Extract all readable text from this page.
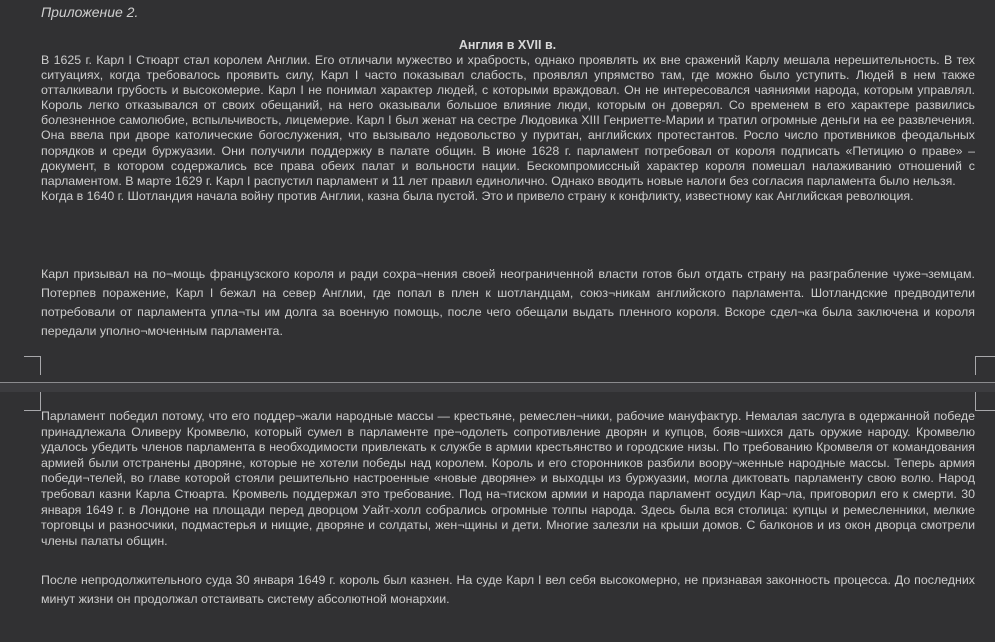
Приложение 2.
Англия в XVII в.

В 1625 г. Карл I Стюарт стал королем Англии. Его отличали мужество и храбрость, однако проявлять их вне сражений Карлу мешала нерешительность. В тех ситуациях, когда требовалось проявить силу, Карл I часто показывал слабость, проявлял упрямство там, где можно было уступить. Людей в нем также отталкивали грубость и высокомерие. Карл I не понимал характер людей, с которыми враждовал. Он не интересовался чаяниями народа, которым управлял. Король легко отказывался от своих обещаний, на него оказывали большое влияние люди, которым он доверял. Со временем в его характере развились болезненное самолюбие, вспыльчивость, лицемерие. Карл I был женат на сестре Людовика XIII Генриетте-Марии и тратил огромные деньги на ее развлечения. Она ввела при дворе католические богослужения, что вызывало недовольство у пуритан, английских протестантов. Росло число противников феодальных порядков и среди буржуазии. Они получили поддержку в палате общин. В июне 1628 г. парламент потребовал от короля подписать «Петицию о праве» – документ, в котором содержались все права обеих палат и вольности нации. Бескомпромиссный характер короля помешал налаживанию отношений с парламентом. В марте 1629 г. Карл I распустил парламент и 11 лет правил единолично. Однако вводить новые налоги без согласия парламента было нельзя.

Когда в 1640 г. Шотландия начала войну против Англии, казна была пустой. Это и привело страну к конфликту, известному как Английская революция.

Карл призывал на по¬мощь французского короля и ради сохра¬нения своей неограниченной власти готов был отдать страну на разграбление чуже¬земцам. Потерпев поражение, Карл I бежал на север Англии, где попал в плен к шотландцам, союз¬никам английского парламента. Шотландские предводители потребовали от парламента упла¬ты им долга за военную помощь, после чего обещали выдать пленного короля. Вскоре сдел¬ка была заключена и короля передали уполно¬моченным парламента.

Парламент победил потому, что его поддер¬жали народные массы — крестьяне, ремеслен¬ники, рабочие мануфактур. Немалая заслуга в одержанной победе принадлежала Оливеру Кромвелю, который сумел в парламенте пре¬одолеть сопротивление дворян и купцов, бояв¬шихся дать оружие народу. Кромвелю удалось убедить членов парламента в необходимости привлекать к службе в армии крестьянство и городские низы. По требованию Кромвеля от командования армией были отстранены дворяне, которые не хотели победы над королем. Король и его сторонников разбили воору¬женные народные массы. Теперь армия победи¬телей, во главе которой стояли решительно настроенные «новые дворяне» и выходцы из буржуазии, могла диктовать парламенту свою волю. Народ требовал казни Карла Стюарта. Кромвель поддержал это требование. Под на¬тиском армии и народа парламент осудил Кар¬ла, приговорил его к смерти. 30 января 1649 г. в Лондоне на площади перед дворцом Уайт-холл собрались огромные толпы народа. Здесь была вся столица: купцы и ремесленники, мелкие торговцы и разносчики, подмастерья и нищие, дворяне и солдаты, жен¬щины и дети. Многие залезли на крыши домов. С балконов и из окон дворца смотрели члены палаты общин.

После непродолжительного суда 30 января 1649 г. король был казнен. На суде Карл I вел себя высокомерно, не признавая законность процесса. До последних минут жизни он продолжал отстаивать систему абсолютной монархии.
